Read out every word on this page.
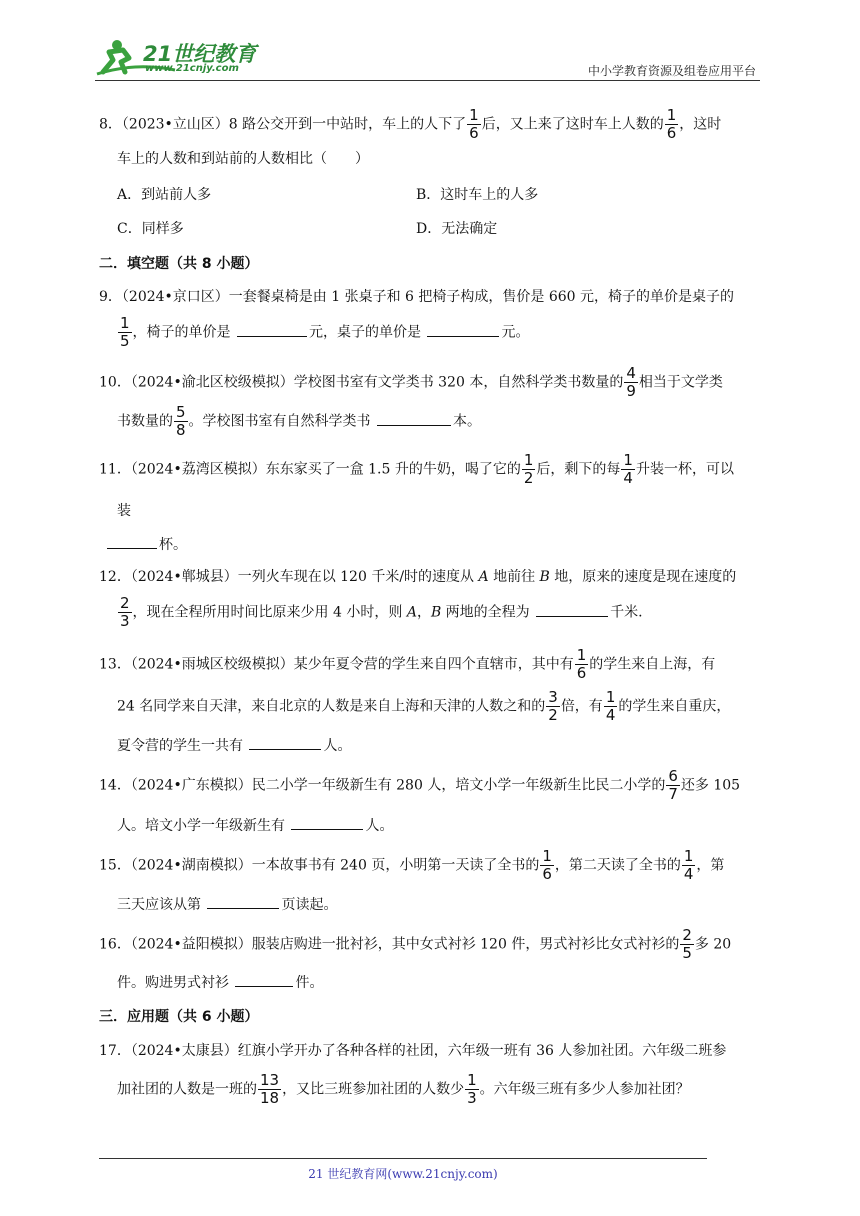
21世纪教育
www.21cnjy.com	中小学教育资源及组卷应用平台
8．（2023•立山区）8 路公交开到一中站时，车上的人下了 $\frac{1}{6}$ 后，又上来了这时车上人数的 $\frac{1}{6}$ ，这时
车上的人数和到站前的人数相比（　　）
A．到站前人多	B．这时车上的人多
C．同样多	D．无法确定
二．填空题（共 8 小题）
9．（2024•京口区）一套餐桌椅是由 1 张桌子和 6 把椅子构成，售价是 660 元，椅子的单价是桌子的
$\frac{1}{5}$ ，椅子的单价是	元，桌子的单价是	元。
10．（2024•渝北区校级模拟）学校图书室有文学类书 320 本，自然科学类书数量的 $\frac{4}{9}$ 相当于文学类
书数量的 $\frac{5}{8}$ 。学校图书室有自然科学类书	本。
11．（2024•荔湾区模拟）东东家买了一盒 1.5 升的牛奶，喝了它的 $\frac{1}{2}$ 后，剩下的每 $\frac{1}{4}$ 升装一杯，可以
装
杯。
12．（2024•郸城县）一列火车现在以 120 千米/时的速度从 A 地前往 B 地，原来的速度是现在速度的
$\frac{2}{3}$ ，现在全程所用时间比原来少用 4 小时，则 A，B 两地的全程为	千米.
13．（2024•雨城区校级模拟）某少年夏令营的学生来自四个直辖市，其中有 $\frac{1}{6}$ 的学生来自上海，有
24 名同学来自天津，来自北京的人数是来自上海和天津的人数之和的 $\frac{3}{2}$ 倍，有 $\frac{1}{4}$ 的学生来自重庆，
夏令营的学生一共有	人。
14．（2024•广东模拟）民二小学一年级新生有 280 人，培文小学一年级新生比民二小学的 $\frac{6}{7}$ 还多 105
人。培文小学一年级新生有	人。
15．（2024•湖南模拟）一本故事书有 240 页，小明第一天读了全书的 $\frac{1}{6}$ ，第二天读了全书的 $\frac{1}{4}$ ，第
三天应该从第	页读起。
16．（2024•益阳模拟）服装店购进一批衬衫，其中女式衬衫 120 件，男式衬衫比女式衬衫的 $\frac{2}{5}$ 多 20
件。购进男式衬衫	件。
三．应用题（共 6 小题）
17．（2024•太康县）红旗小学开办了各种各样的社团，六年级一班有 36 人参加社团。六年级二班参
加社团的人数是一班的 $\frac{13}{18}$ ，又比三班参加社团的人数少 $\frac{1}{3}$ 。六年级三班有多少人参加社团？
21 世纪教育网(www.21cnjy.com)
